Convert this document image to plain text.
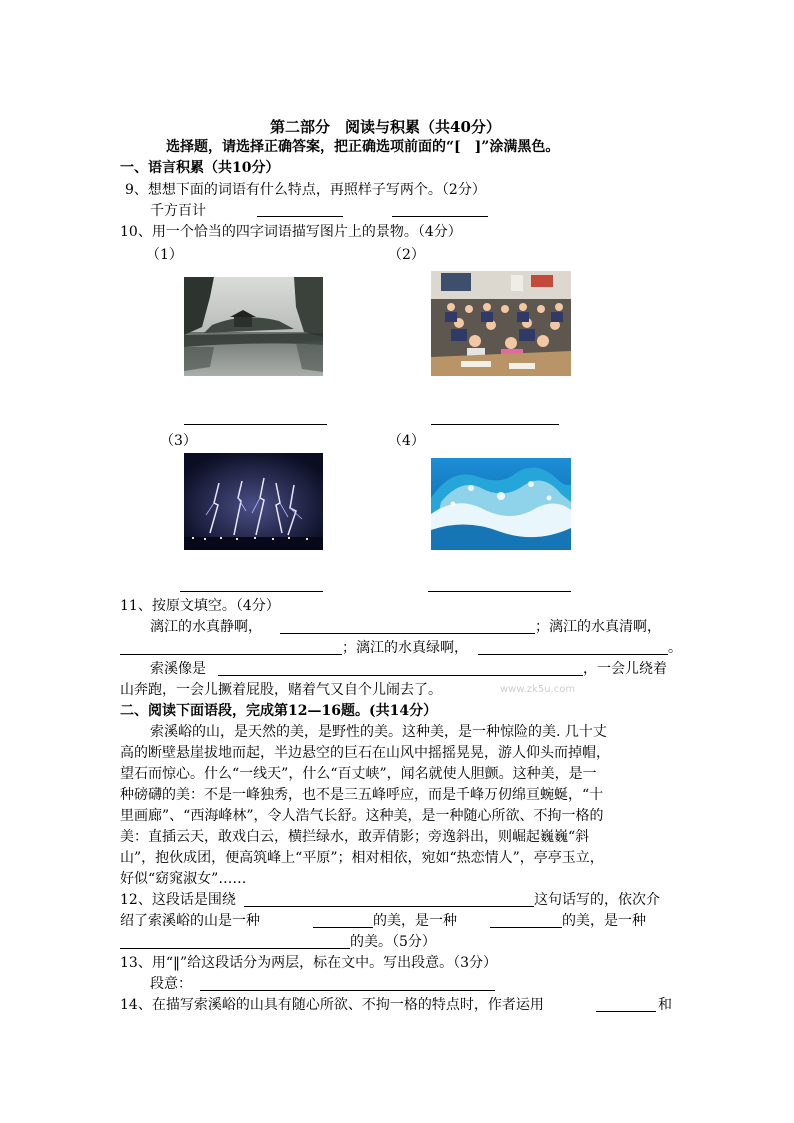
第二部分　阅读与积累（共40分）
选择题，请选择正确答案，把正确选项前面的“[　]”涂满黑色。
一、语言积累（共10分）
9、想想下面的词语有什么特点，再照样子写两个。（2分）
千方百计
10、用一个恰当的四字词语描写图片上的景物。（4分）
（1）	（2）
（3）	（4）
11、按原文填空。（4分）
漓江的水真静啊，	；漓江的水真清啊，
；漓江的水真绿啊，	。
索溪像是	，一会儿绕着
山奔跑，一会儿撅着屁股，赌着气又自个儿闹去了。	www.zk5u.com
二、阅读下面语段，完成第12—16题。(共14分）
索溪峪的山，是天然的美，是野性的美。这种美，是一种惊险的美. 几十丈
高的断壁悬崖拔地而起，半边悬空的巨石在山风中摇摇晃晃，游人仰头而掉帽，
望石而惊心。什么“一线天”，什么“百丈峡”，闻名就使人胆颤。这种美，是一
种磅礴的美：不是一峰独秀，也不是三五峰呼应，而是千峰万仞绵亘蜿蜒，“十
里画廊”、“西海峰林”，令人浩气长舒。这种美，是一种随心所欲、不拘一格的
美：直插云天，敢戏白云，横拦绿水，敢弄倩影；旁逸斜出，则崛起巍巍“斜
山”，抱伙成团，便高筑峰上“平原”；相对相依，宛如“热恋情人”，亭亭玉立，
好似“窈窕淑女”……
12、这段话是围绕	这句话写的，依次介
绍了索溪峪的山是一种	的美，是一种	的美，是一种
的美。（5分）
13、用“‖”给这段话分为两层，标在文中。写出段意。（3分）
段意：
14、在描写索溪峪的山具有随心所欲、不拘一格的特点时，作者运用	和
